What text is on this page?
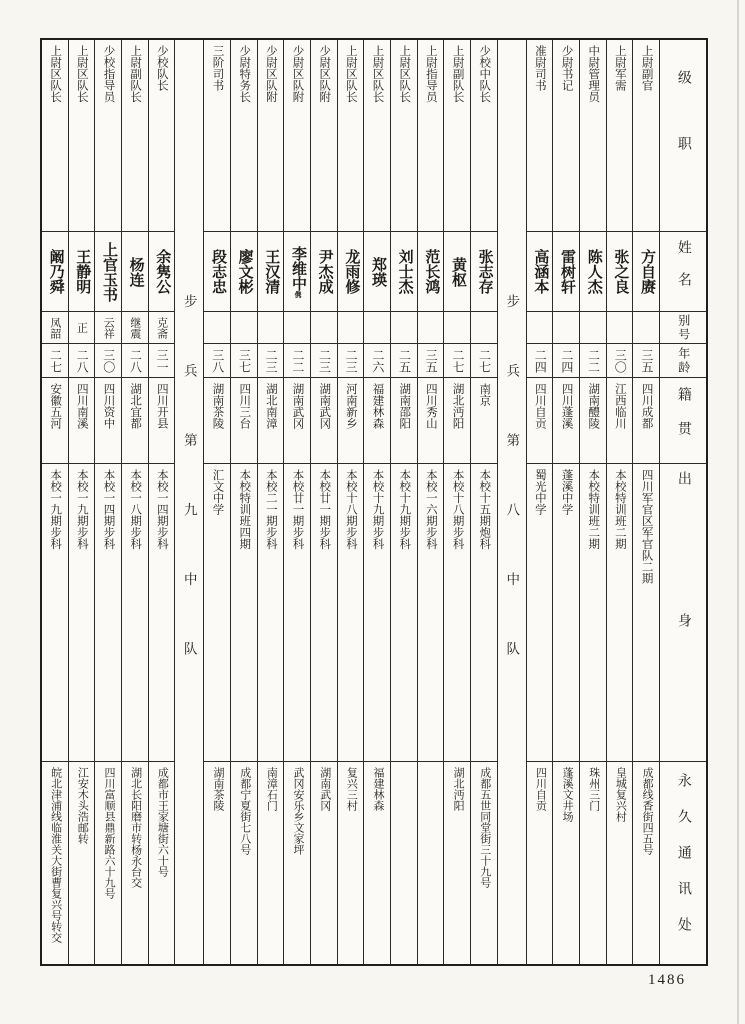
级职
姓名
别号
年龄
籍贯
出身
永久通讯处
上尉副官
方自赓
三五
四川成都
四川军官区军官队二期
成都线香街四五号
上尉军需
张之良
三〇
江西临川
本校特训班二期
皇城复兴村
中尉管理员
陈人杰
二二
湖南醴陵
本校特训班二期
珠州三门
少尉书记
雷树轩
二四
四川蓬溪
蓬溪中学
蓬溪文井场
准尉司书
高涵本
二四
四川自贡
蜀光中学
四川自贡
步兵第八中队
少校中队长
张志存
二七
南京
本校十五期炮科
成都五世同堂街三十九号
上尉副队长
黄枢
二七
湖北沔阳
本校十八期步科
湖北沔阳
上尉指导员
范长鸿
三五
四川秀山
本校一六期步科
上尉区队长
刘士杰
二五
湖南邵阳
本校十九期步科
上尉区队长
郑瑛
二六
福建林森
本校十九期步科
福建林森
上尉区队长
龙雨修
二三
河南新乡
本校十八期步科
复兴三村
少尉区队附
尹杰成
二三
湖南武冈
本校廿一期步科
湖南武冈
少尉区队附
李维中㑺
二二
湖南武冈
本校廿一期步科
武冈安乐乡文家坪
少尉区队附
王汉清
二三
湖北南漳
本校二一期步科
南漳石门
少尉特务长
廖文彬
三七
四川三台
本校特训班四期
成都宁夏街七八号
三阶司书
段志忠
三八
湖南茶陵
汇文中学
湖南茶陵
步兵第九中队
少校队长
余隽公
克斋
三一
四川开县
本校一四期步科
成都市王家塘街六十号
上尉副队长
杨连
继震
二八
湖北宜都
本校一八期步科
湖北长阳磨市转杨永台交
少校指导员
上官玉书
云祥
三〇
四川资中
本校一四期步科
四川富顺县鼎新路六十九号
上尉区队长
王静明
正
二八
四川南溪
本校一九期步科
江安木头浩邮转
上尉区队长
阚乃舜
凤韶
二七
安徽五河
本校一九期步科
皖北津浦线临淮关大街曹复兴号转交
1486
